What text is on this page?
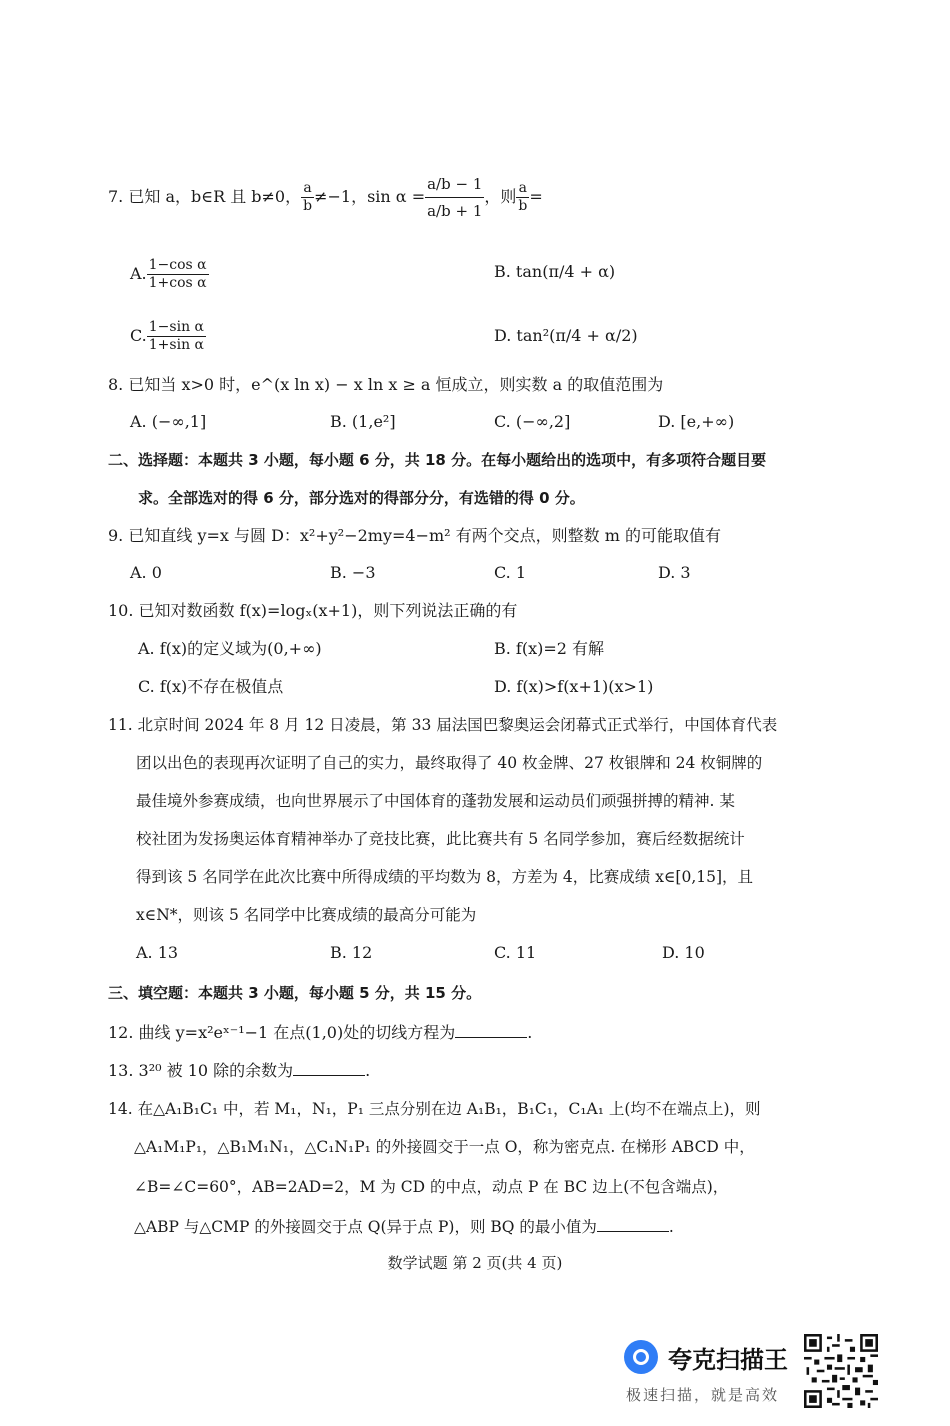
7. 已知 a，b∈R 且 b≠0， $\frac{a}{b} \ne-1$，$\sin \alpha = \frac{a/b - 1}{a/b + 1}$ ，则 $\frac{a}{b}$ =
A. $\frac{\text{1−cos α}}{\text{1+cos α}}$	B. tan(π/4 + α)
C. $\frac{\text{1−sin α}}{\text{1+sin α}}$	D. tan²(π/4 + α/2)
8. 已知当 x>0 时，e^(x ln x) − x ln x ≥ a 恒成立，则实数 a 的取值范围为
A. (−∞,1]	B. (1,e²]	C. (−∞,2]	D. [e,+∞)
二、选择题：本题共 3 小题，每小题 6 分，共 18 分。在每小题给出的选项中，有多项符合题目要
求。全部选对的得 6 分，部分选对的得部分分，有选错的得 0 分。
9. 已知直线 y=x 与圆 D：x²+y²−2my=4−m² 有两个交点，则整数 m 的可能取值有
A. 0	B. −3	C. 1	D. 3
10. 已知对数函数 f(x)=logₓ(x+1)，则下列说法正确的有
A. f(x)的定义域为(0,+∞)	B. f(x)=2 有解
C. f(x)不存在极值点	D. f(x)>f(x+1)(x>1)
11. 北京时间 2024 年 8 月 12 日凌晨，第 33 届法国巴黎奥运会闭幕式正式举行，中国体育代表
团以出色的表现再次证明了自己的实力，最终取得了 40 枚金牌、27 枚银牌和 24 枚铜牌的
最佳境外参赛成绩，也向世界展示了中国体育的蓬勃发展和运动员们顽强拼搏的精神. 某
校社团为发扬奥运体育精神举办了竞技比赛，此比赛共有 5 名同学参加，赛后经数据统计
得到该 5 名同学在此次比赛中所得成绩的平均数为 8，方差为 4，比赛成绩 x∈[0,15]，且
x∈N*，则该 5 名同学中比赛成绩的最高分可能为
A. 13	B. 12	C. 11	D. 10
三、填空题：本题共 3 小题，每小题 5 分，共 15 分。
12. 曲线 y=x²eˣ⁻¹−1 在点(1,0)处的切线方程为	.
13. 3²⁰ 被 10 除的余数为	.
14. 在△A₁B₁C₁ 中，若 M₁，N₁，P₁ 三点分别在边 A₁B₁，B₁C₁，C₁A₁ 上(均不在端点上)，则
△A₁M₁P₁，△B₁M₁N₁，△C₁N₁P₁ 的外接圆交于一点 O，称为密克点. 在梯形 ABCD 中，
∠B=∠C=60°，AB=2AD=2，M 为 CD 的中点，动点 P 在 BC 边上(不包含端点)，
△ABP 与△CMP 的外接圆交于点 Q(异于点 P)，则 BQ 的最小值为	.
数学试题 第 2 页(共 4 页)
夸克扫描王
极速扫描，就是高效
